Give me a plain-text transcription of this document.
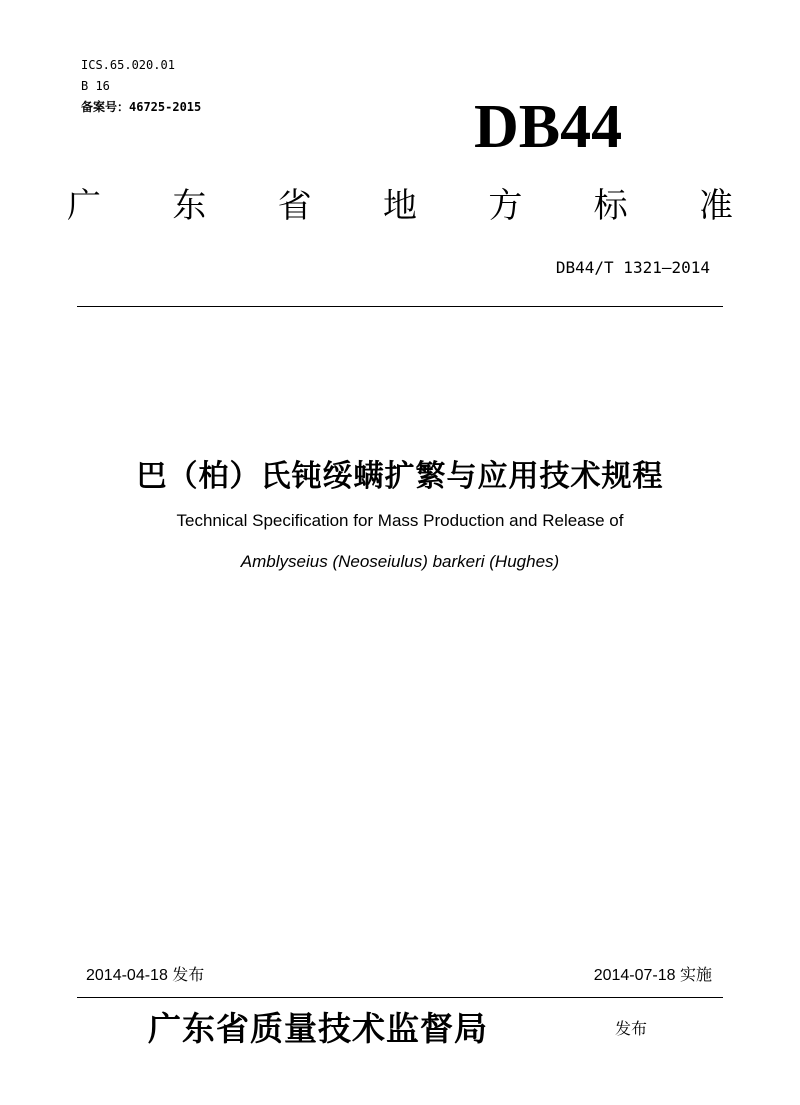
ICS.65.020.01
B 16
备案号：46725-2015	DB44
广 东 省 地 方 标 准
DB44/T 1321—2014
巴（柏）氏钝绥螨扩繁与应用技术规程
Technical Specification for Mass Production and Release of
Amblyseius (Neoseiulus) barkeri (Hughes)
2014-04-18 发布	2014-07-18 实施
广东省质量技术监督局	发布
